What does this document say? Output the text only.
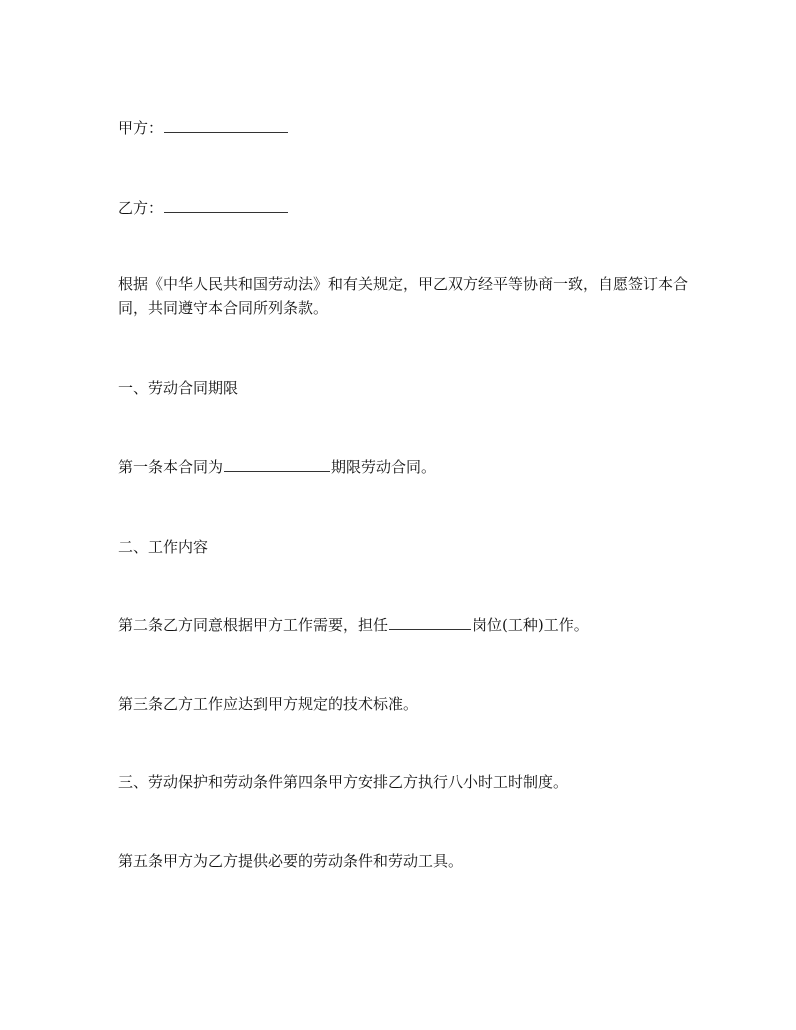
甲方：
乙方：
根据《中华人民共和国劳动法》和有关规定，甲乙双方经平等协商一致，自愿签订本合同，共同遵守本合同所列条款。
一、劳动合同期限
第一条本合同为	期限劳动合同。
二、工作内容
第二条乙方同意根据甲方工作需要，担任	岗位(工种)工作。
第三条乙方工作应达到甲方规定的技术标准。
三、劳动保护和劳动条件第四条甲方安排乙方执行八小时工时制度。
第五条甲方为乙方提供必要的劳动条件和劳动工具。
